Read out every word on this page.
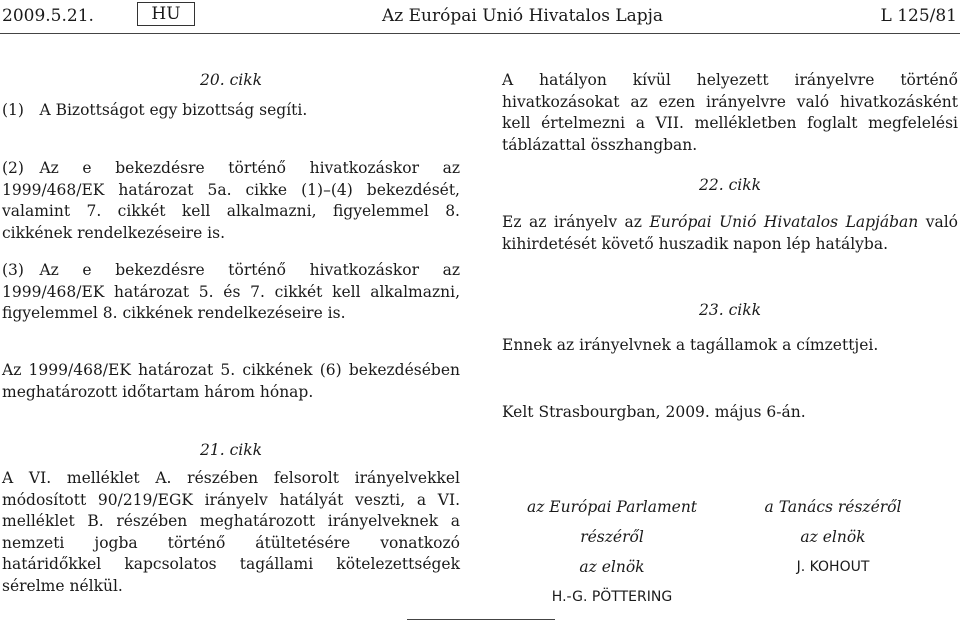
2009.5.21.	HU	Az Európai Unió Hivatalos Lapja	L 125/81
20. cikk
(1) A Bizottságot egy bizottság segíti.
(2) Az e bekezdésre történő hivatkozáskor az 1999/468/EK határozat 5a. cikke (1)–(4) bekezdését, valamint 7. cikkét kell alkalmazni, figyelemmel 8. cikkének rendelkezéseire is.
(3) Az e bekezdésre történő hivatkozáskor az 1999/468/EK határozat 5. és 7. cikkét kell alkalmazni, figyelemmel 8. cikkének rendelkezéseire is.
Az 1999/468/EK határozat 5. cikkének (6) bekezdésében meghatározott időtartam három hónap.
21. cikk
A VI. melléklet A. részében felsorolt irányelvekkel módosított 90/219/EGK irányelv hatályát veszti, a VI. melléklet B. részében meghatározott irányelveknek a nemzeti jogba történő átültetésére vonatkozó határidőkkel kapcsolatos tagállami kötelezettségek sérelme nélkül.
A hatályon kívül helyezett irányelvre történő hivatkozásokat az ezen irányelvre való hivatkozásként kell értelmezni a VII. mellékletben foglalt megfelelési táblázattal összhangban.
22. cikk
Ez az irányelv az Európai Unió Hivatalos Lapjában való kihirdetését követő huszadik napon lép hatályba.
23. cikk
Ennek az irányelvnek a tagállamok a címzettjei.
Kelt Strasbourgban, 2009. május 6-án.
az Európai Parlament részéről
az elnök
H.-G. PÖTTERING
a Tanács részéről
az elnök
J. KOHOUT
